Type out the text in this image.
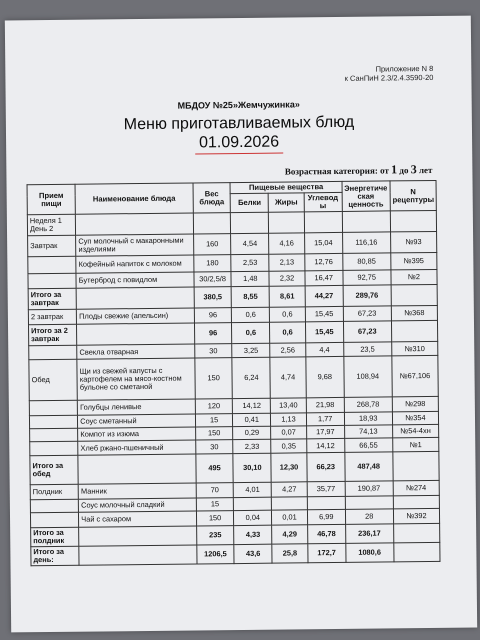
Приложение N 8
к СанПиН 2.3/2.4.3590-20
МБДОУ №25»Жемчужинка»
Меню приготавливаемых блюд
01.09.2026
Возрастная категория: от 1 до 3 лет
Прием пищи	Наименование блюда	Вес блюда	Пищевые вещества			Энергетиче ская ценность	N рецептуры
			Белки	Жиры	Углевод ы		
Неделя 1 День 2							
Завтрак	Суп молочный с макаронными изделиями	160	4,54	4,16	15,04	116,16	№93
	Кофейный напиток с молоком	180	2,53	2,13	12,76	80,85	№395
	Бутерброд с повидлом	30/2,5/8	1,48	2,32	16,47	92,75	№2
Итого за завтрак		380,5	8,55	8,61	44,27	289,76	
2 завтрак	Плоды свежие (апельсин)	96	0,6	0,6	15,45	67,23	№368
Итого за 2 завтрак		96	0,6	0,6	15,45	67,23	
	Свекла отварная	30	3,25	2,56	4,4	23,5	№310
Обед	Щи из свежей капусты с картофелем на мясо-костном бульоне со сметаной	150	6,24	4,74	9,68	108,94	№67,106
	Голубцы ленивые	120	14,12	13,40	21,98	268,78	№298
	Соус сметанный	15	0,41	1,13	1,77	18,93	№354
	Компот из изюма	150	0,29	0,07	17,97	74,13	№54-4хн
	Хлеб ржано-пшеничный	30	2,33	0,35	14,12	66,55	№1
Итого за обед		495	30,10	12,30	66,23	487,48	
Полдник	Манник	70	4,01	4,27	35,77	190,87	№274
	Соус молочный сладкий	15					
	Чай с сахаром	150	0,04	0,01	6,99	28	№392
Итого за полдник		235	4,33	4,29	46,78	236,17	
Итого за день:		1206,5	43,6	25,8	172,7	1080,6	
